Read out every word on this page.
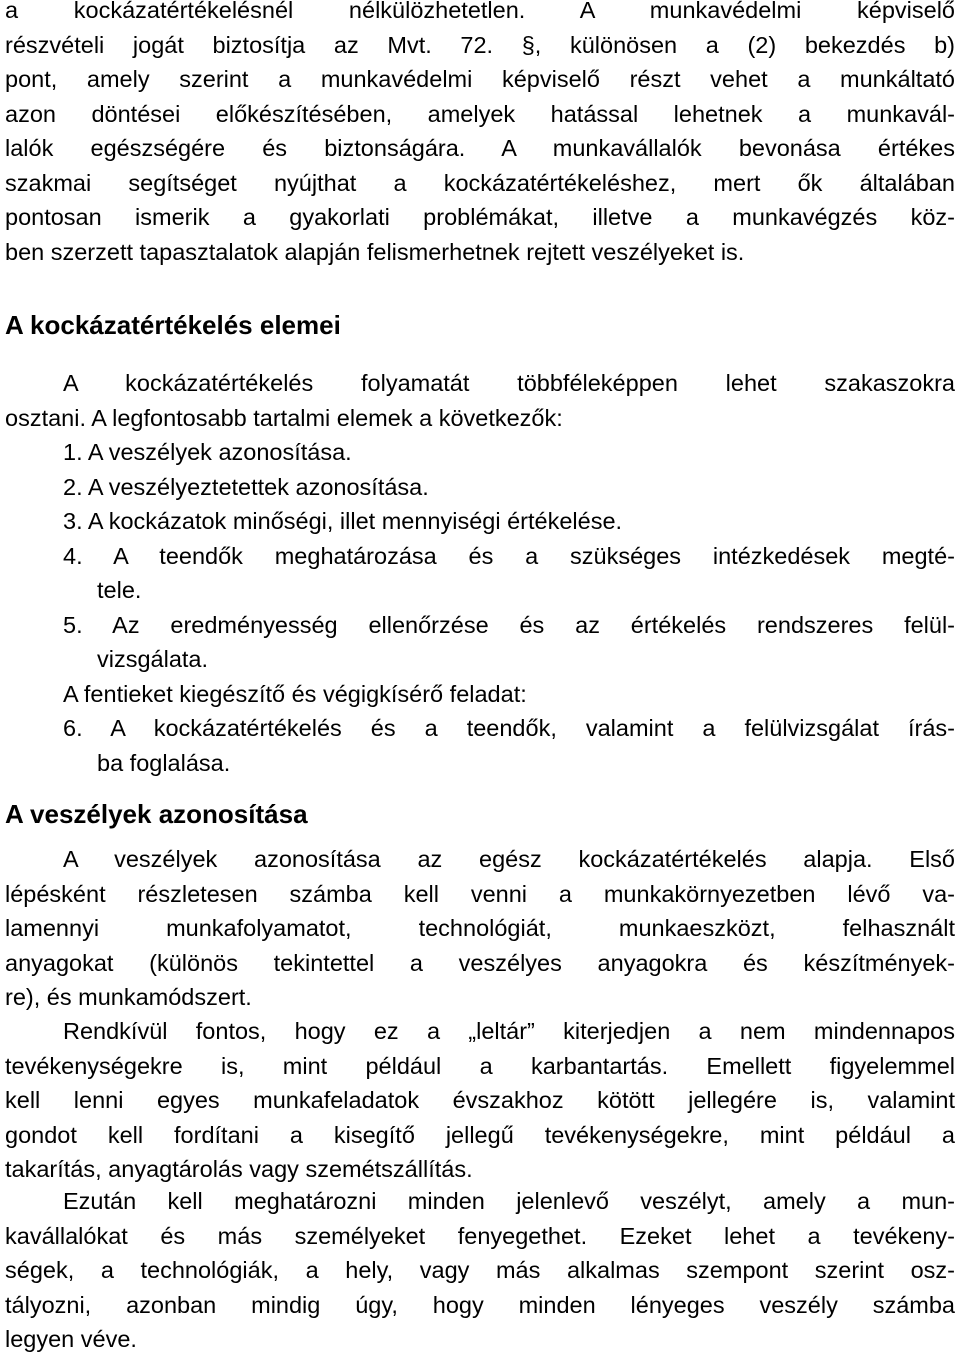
a kockázatértékelésnél nélkülözhetetlen. A munkavédelmi képviselő
részvételi jogát biztosítja az Mvt. 72. §, különösen a (2) bekezdés b)
pont, amely szerint a munkavédelmi képviselő részt vehet a munkáltató
azon döntései előkészítésében, amelyek hatással lehetnek a munkavál-
lalók egészségére és biztonságára. A munkavállalók bevonása értékes
szakmai segítséget nyújthat a kockázatértékeléshez, mert ők általában
pontosan ismerik a gyakorlati problémákat, illetve a munkavégzés köz-
ben szerzett tapasztalatok alapján felismerhetnek rejtett veszélyeket is.
A kockázatértékelés elemei
A kockázatértékelés folyamatát többféleképpen lehet szakaszokra
osztani. A legfontosabb tartalmi elemek a következők:
1. A veszélyek azonosítása.
2. A veszélyeztetettek azonosítása.
3. A kockázatok minőségi, illet mennyiségi értékelése.
4. A teendők meghatározása és a szükséges intézkedések megté-
tele.
5. Az eredményesség ellenőrzése és az értékelés rendszeres felül-
vizsgálata.
A fentieket kiegészítő és végigkísérő feladat:
6. A kockázatértékelés és a teendők, valamint a felülvizsgálat írás-
ba foglalása.
A veszélyek azonosítása
A veszélyek azonosítása az egész kockázatértékelés alapja. Első
lépésként részletesen számba kell venni a munkakörnyezetben lévő va-
lamennyi munkafolyamatot, technológiát, munkaeszközt, felhasznált
anyagokat (különös tekintettel a veszélyes anyagokra és készítmények-
re), és munkamódszert.
Rendkívül fontos, hogy ez a „leltár” kiterjedjen a nem mindennapos
tevékenységekre is, mint például a karbantartás. Emellett figyelemmel
kell lenni egyes munkafeladatok évszakhoz kötött jellegére is, valamint
gondot kell fordítani a kisegítő jellegű tevékenységekre, mint például a
takarítás, anyagtárolás vagy szemétszállítás.
Ezután kell meghatározni minden jelenlevő veszélyt, amely a mun-
kavállalókat és más személyeket fenyegethet. Ezeket lehet a tevékeny-
ségek, a technológiák, a hely, vagy más alkalmas szempont szerint osz-
tályozni, azonban mindig úgy, hogy minden lényeges veszély számba
legyen véve.
